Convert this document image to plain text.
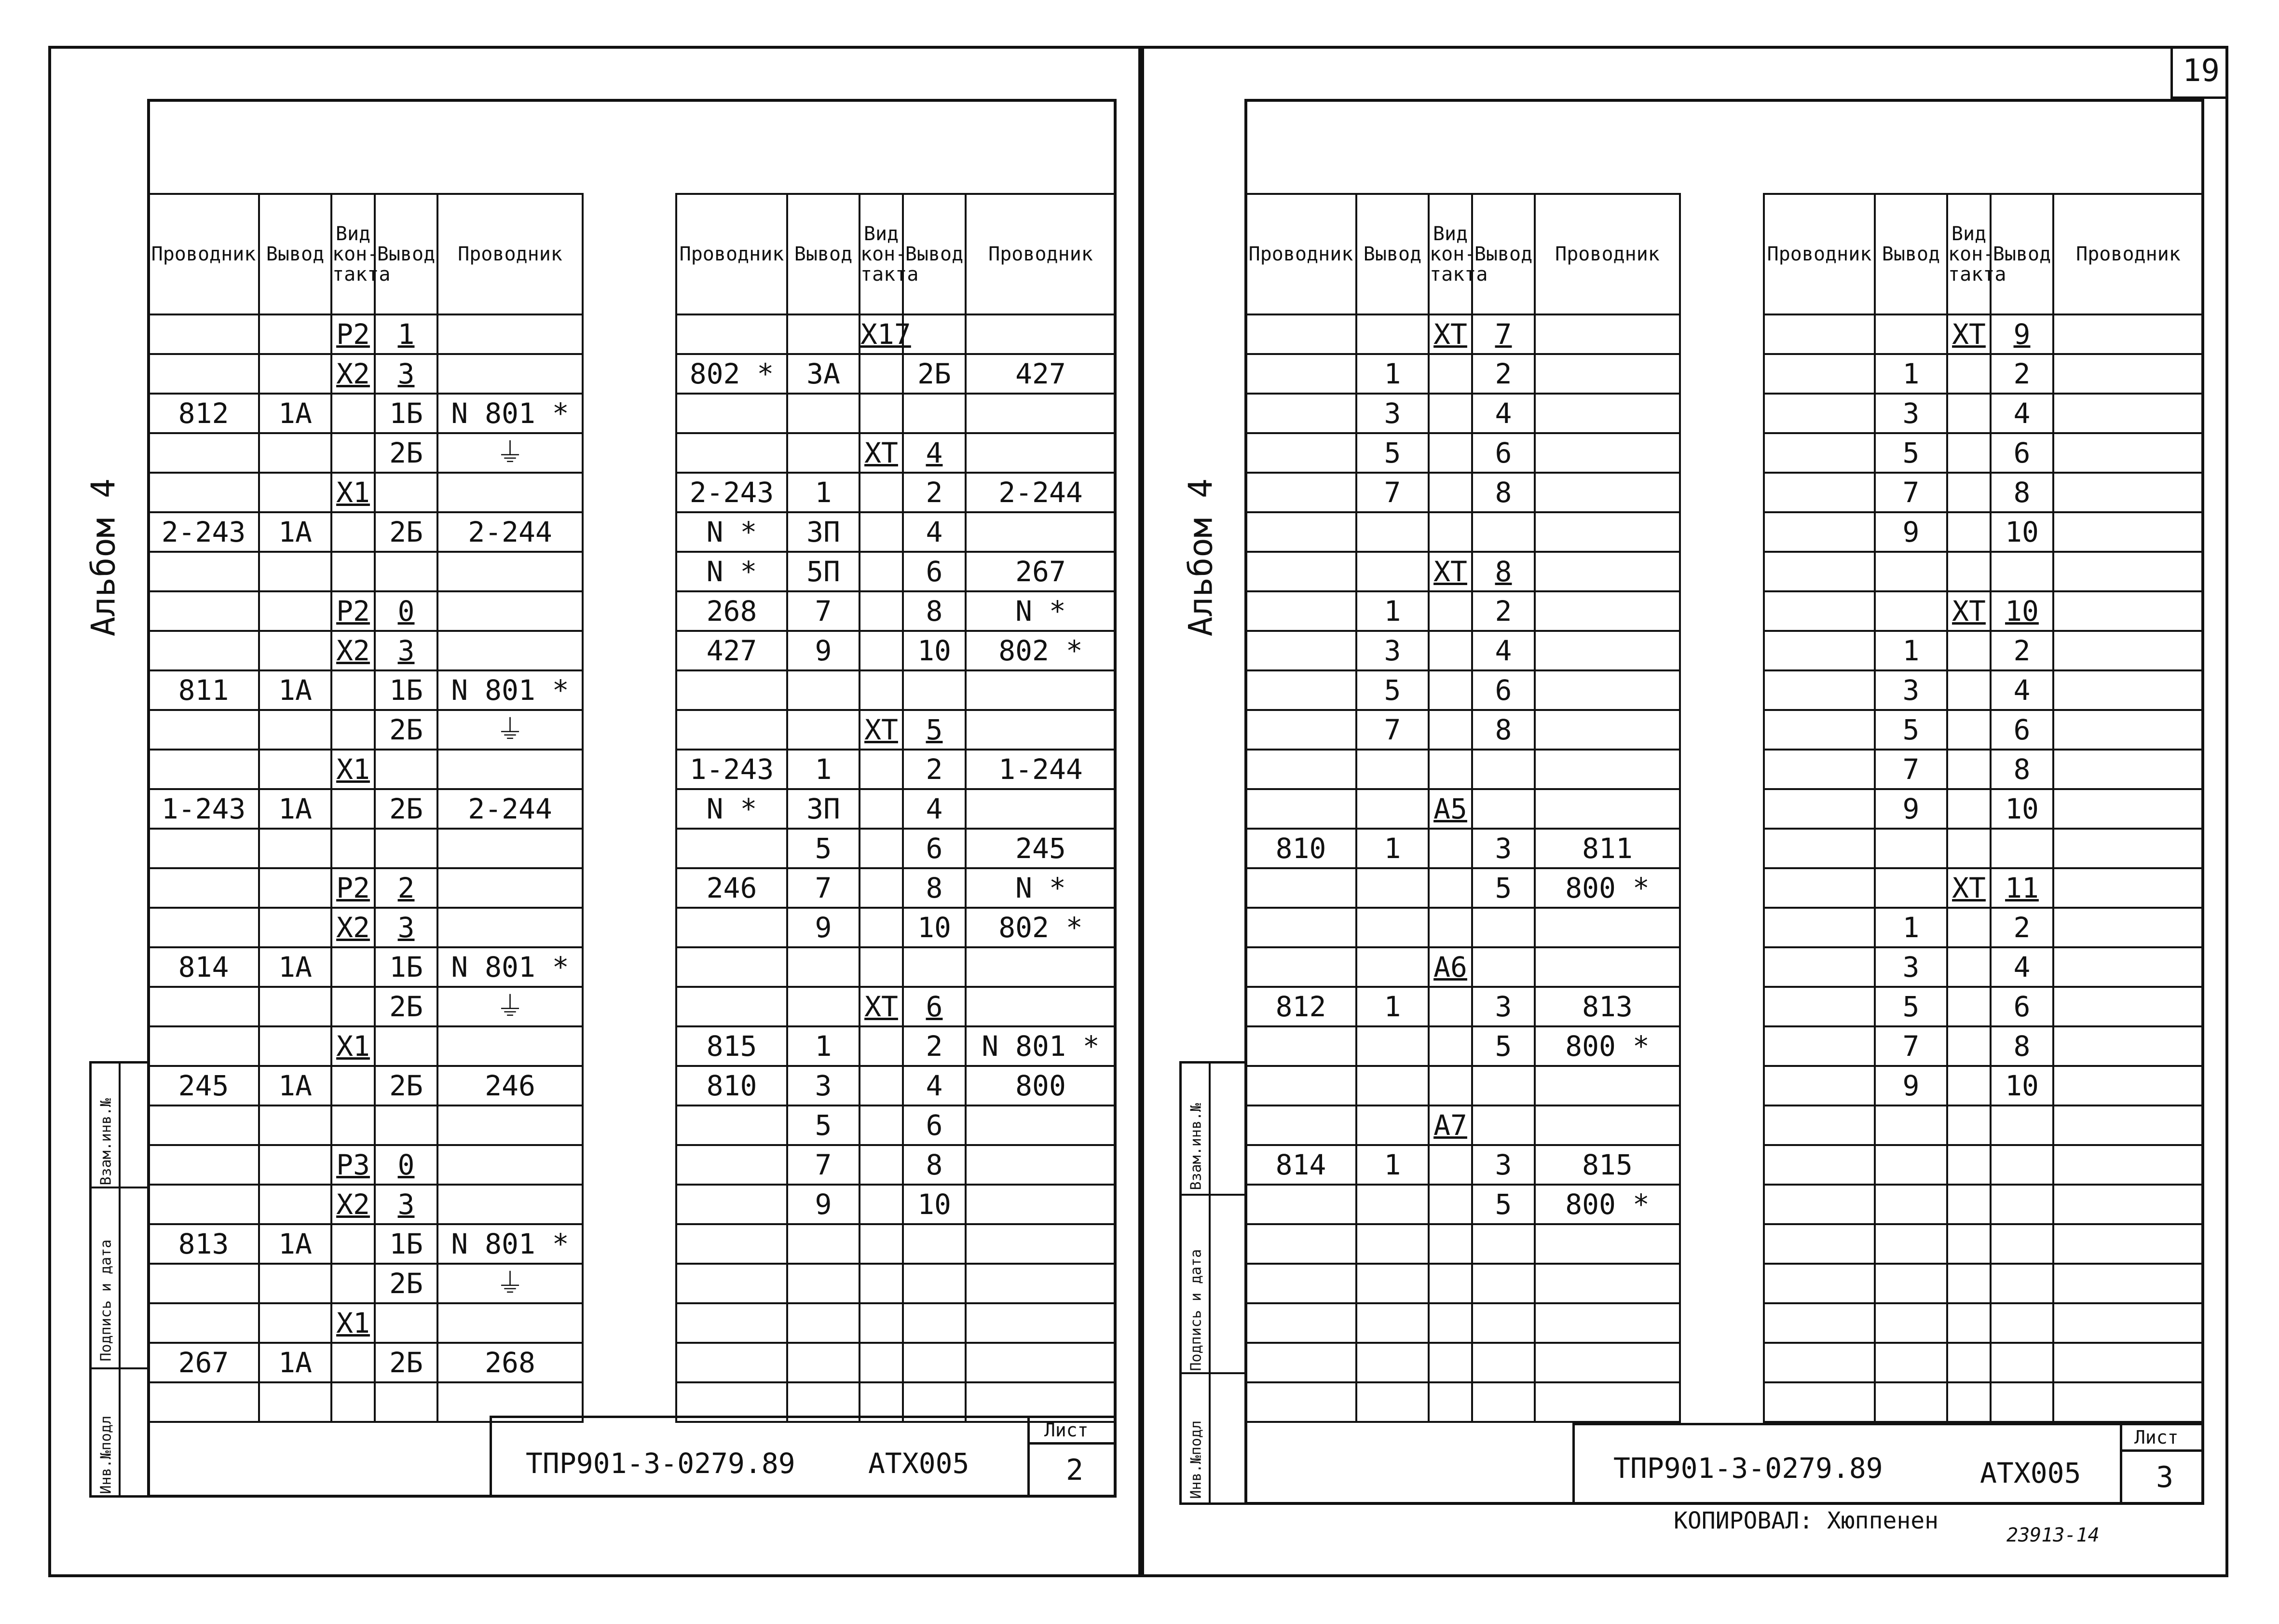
19
Альбом 4	Альбом 4
Взам.инв.№
Подпись и дата
Инв.№подл
Взам.инв.№
Подпись и дата
Инв.№подл
Проводник	Вывод	Вид кон-такта	Вывод	Проводник
		Р2	1	
		Х2	3	
812	1А		1Б	N 801 *
			2Б	⏚
		Х1		
2-243	1А		2Б	2-244

		Р2	0	
		Х2	3	
811	1А		1Б	N 801 *
			2Б	⏚
		Х1		
1-243	1А		2Б	2-244

		Р2	2	
		Х2	3	
814	1А		1Б	N 801 *
			2Б	⏚
		Х1		
245	1А		2Б	246

		Р3	0	
		Х2	3	
813	1А		1Б	N 801 *
			2Б	⏚
		Х1		
267	1А		2Б	268

Проводник	Вывод	Вид кон-такта	Вывод	Проводник
		Х17		
802 *	3А		2Б	427

		ХТ	4	
2-243	1		2	2-244
N *	3П		4	
N *	5П		6	267
268	7		8	N *
427	9		10	802 *

		ХТ	5	
1-243	1		2	1-244
N *	3П		4	
	5		6	245
246	7		8	N *
	9		10	802 *

		ХТ	6	
815	1		2	N 801 *
810	3		4	800
	5		6	
	7		8	
	9		10	

Проводник	Вывод	Вид кон-такта	Вывод	Проводник
		ХТ	7	
	1		2	
	3		4	
	5		6	
	7		8	

		ХТ	8	
	1		2	
	3		4	
	5		6	
	7		8	

		А5		
810	1		3	811
			5	800 *

		А6		
812	1		3	813
			5	800 *

		А7		
814	1		3	815
			5	800 *

Проводник	Вывод	Вид кон-такта	Вывод	Проводник
		ХТ	9	
	1		2	
	3		4	
	5		6	
	7		8	
	9		10	

		ХТ	10	
	1		2	
	3		4	
	5		6	
	7		8	
	9		10	

		ХТ	11	
	1		2	
	3		4	
	5		6	
	7		8	
	9		10	

Лист
2
ТПР901-3-0279.89	АТХ005
Лист
3
ТПР901-3-0279.89	АТХ005
КОПИРОВАЛ: Хюппенен
23913-14
